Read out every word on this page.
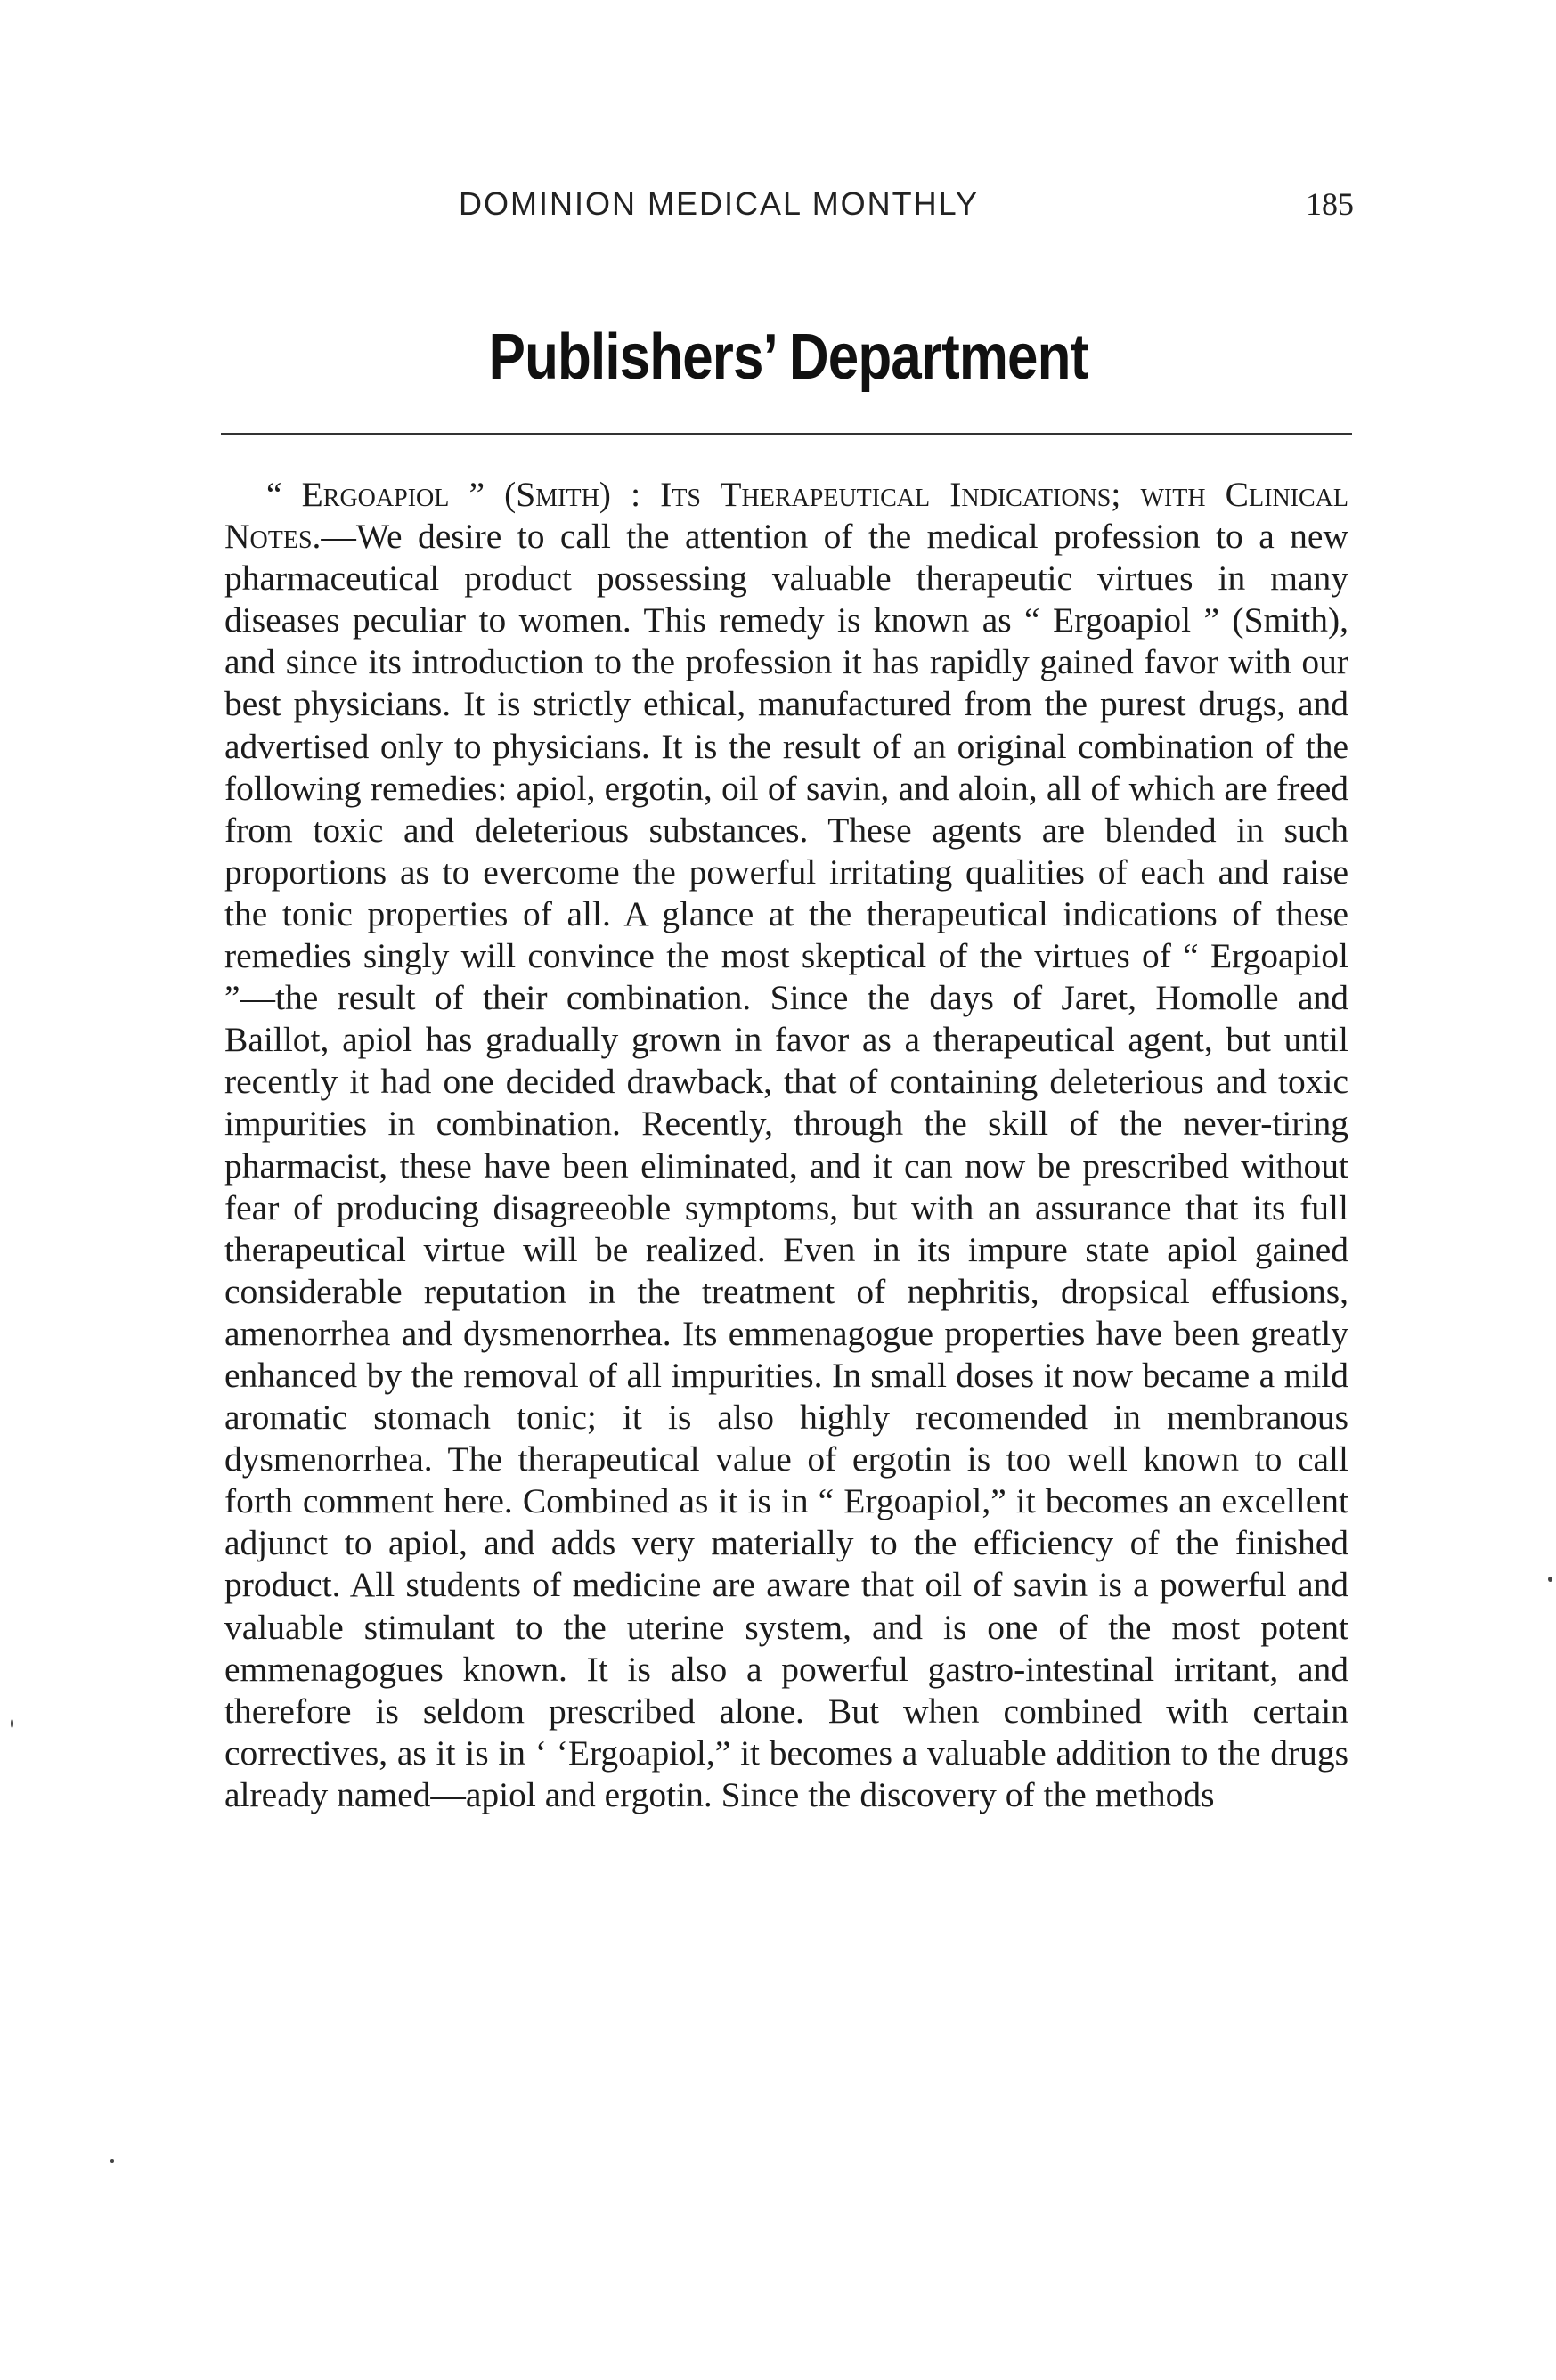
DOMINION MEDICAL MONTHLY	185
Publishers’ Department

“ Ergoapiol ” (Smith) : Its Therapeutical Indications; with Clinical Notes.—We desire to call the attention of the medical profession to a new pharmaceutical product possessing valuable therapeutic virtues in many diseases peculiar to women. This remedy is known as “ Ergoapiol ” (Smith), and since its introduction to the profession it has rapidly gained favor with our best physicians. It is strictly ethical, manufactured from the purest drugs, and advertised only to physicians. It is the result of an original combination of the following remedies: apiol, ergotin, oil of savin, and aloin, all of which are freed from toxic and deleterious substances. These agents are blended in such proportions as to evercome the powerful irritating qualities of each and raise the tonic properties of all. A glance at the therapeutical indications of these remedies singly will convince the most skeptical of the virtues of “ Ergoapiol ”—the result of their combination. Since the days of Jaret, Homolle and Baillot, apiol has gradually grown in favor as a therapeutical agent, but until recently it had one decided drawback, that of containing deleterious and toxic impurities in combination. Recently, through the skill of the never-tiring pharmacist, these have been eliminated, and it can now be prescribed without fear of producing disagreeoble symptoms, but with an assurance that its full therapeutical virtue will be realized. Even in its impure state apiol gained considerable reputation in the treatment of nephritis, dropsical effusions, amenorrhea and dysmenorrhea. Its emmenagogue properties have been greatly enhanced by the removal of all impurities. In small doses it now became a mild aromatic stomach tonic; it is also highly recomended in membranous dysmenorrhea. The therapeutical value of ergotin is too well known to call forth comment here. Combined as it is in “ Ergoapiol,” it becomes an excellent adjunct to apiol, and adds very materially to the efficiency of the finished product. All students of medicine are aware that oil of savin is a powerful and valuable stimulant to the uterine system, and is one of the most potent emmenagogues known. It is also a powerful gastro-intestinal irritant, and therefore is seldom prescribed alone. But when combined with certain correctives, as it is in ‘ ‘Ergoapiol,” it becomes a valuable addition to the drugs already named—apiol and ergotin. Since the discovery of the methods
